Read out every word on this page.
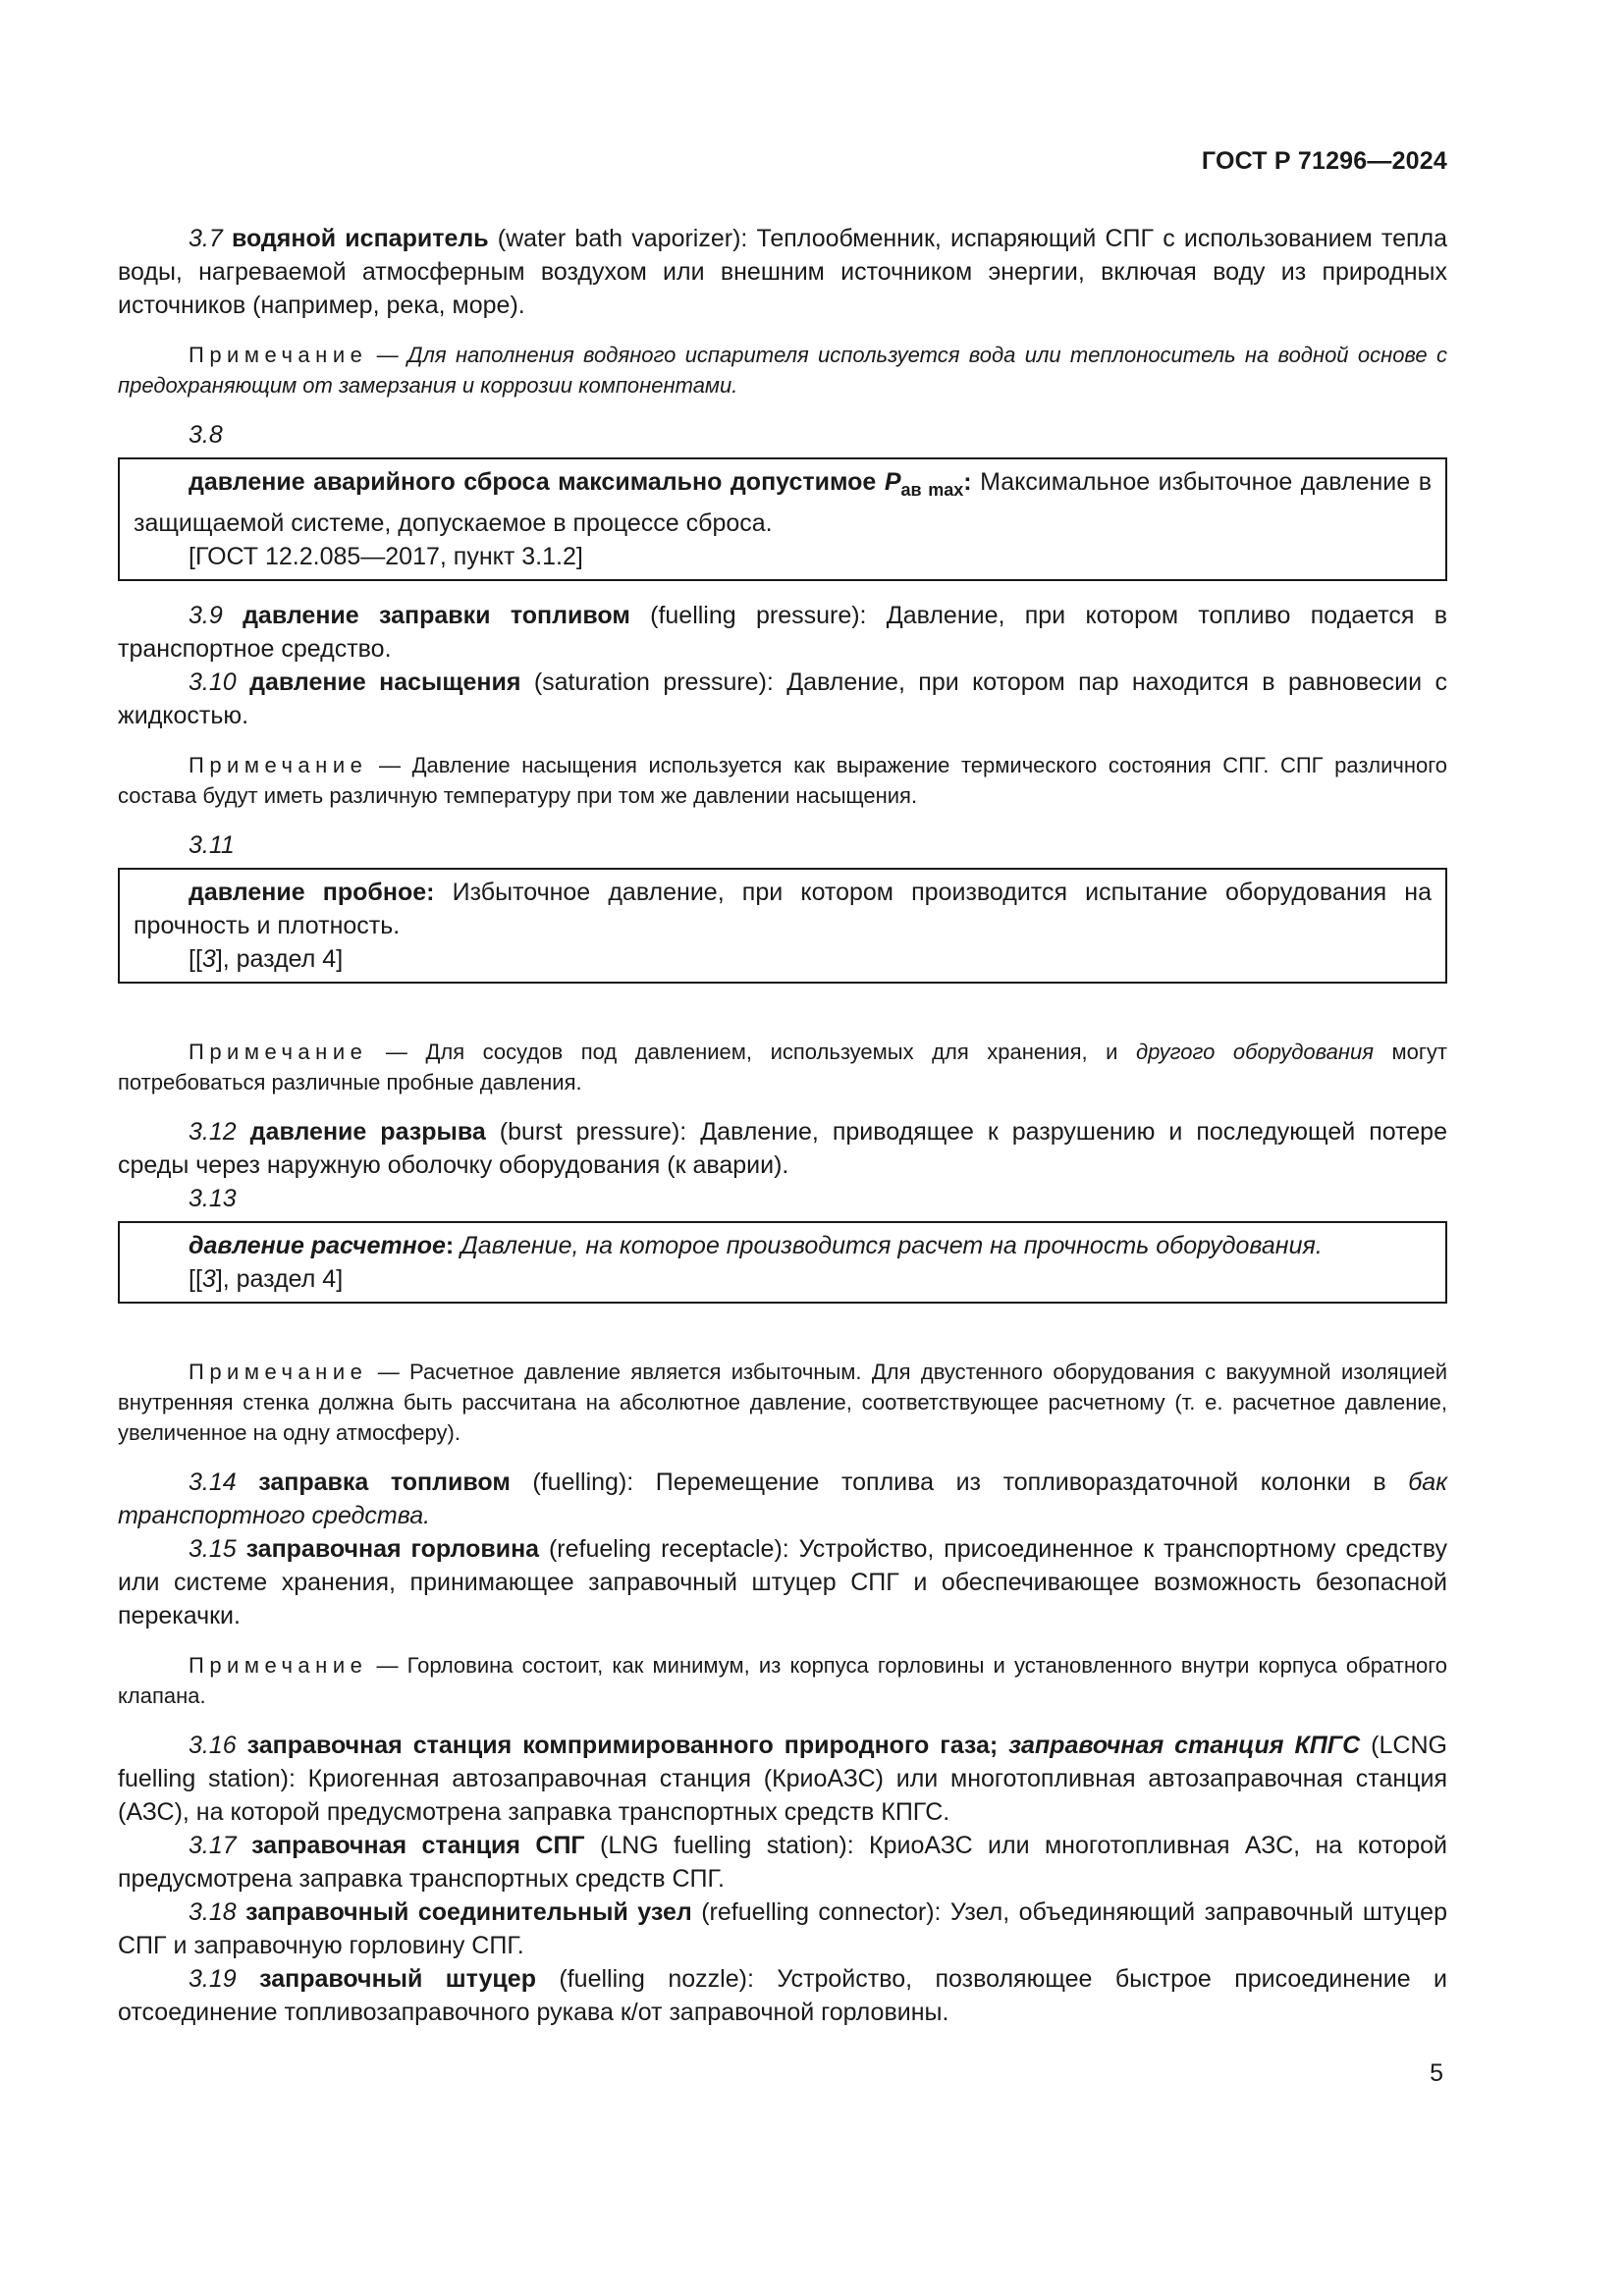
ГОСТ Р 71296—2024

3.7 водяной испаритель (water bath vaporizer): Теплообменник, испаряющий СПГ с использованием тепла воды, нагреваемой атмосферным воздухом или внешним источником энергии, включая воду из природных источников (например, река, море).

Примечание — Для наполнения водяного испарителя используется вода или теплоноситель на водной основе с предохраняющим от замерзания и коррозии компонентами.

3.8

давление аварийного сброса максимально допустимое $P_{ав max}$: Максимальное избыточное давление в защищаемой системе, допускаемое в процессе сброса.

[ГОСТ 12.2.085—2017, пункт 3.1.2]

3.9 давление заправки топливом (fuelling pressure): Давление, при котором топливо подается в транспортное средство.

3.10 давление насыщения (saturation pressure): Давление, при котором пар находится в равновесии с жидкостью.

Примечание — Давление насыщения используется как выражение термического состояния СПГ. СПГ различного состава будут иметь различную температуру при том же давлении насыщения.

3.11

давление пробное: Избыточное давление, при котором производится испытание оборудования на прочность и плотность.

[[3], раздел 4]

Примечание — Для сосудов под давлением, используемых для хранения, и другого оборудования могут потребоваться различные пробные давления.

3.12 давление разрыва (burst pressure): Давление, приводящее к разрушению и последующей потере среды через наружную оболочку оборудования (к аварии).

3.13

давление расчетное: Давление, на которое производится расчет на прочность оборудования.

[[3], раздел 4]

Примечание — Расчетное давление является избыточным. Для двустенного оборудования с вакуумной изоляцией внутренняя стенка должна быть рассчитана на абсолютное давление, соответствующее расчетному (т. е. расчетное давление, увеличенное на одну атмосферу).

3.14 заправка топливом (fuelling): Перемещение топлива из топливораздаточной колонки в бак транспортного средства.

3.15 заправочная горловина (refueling receptacle): Устройство, присоединенное к транспортному средству или системе хранения, принимающее заправочный штуцер СПГ и обеспечивающее возможность безопасной перекачки.

Примечание — Горловина состоит, как минимум, из корпуса горловины и установленного внутри корпуса обратного клапана.

3.16 заправочная станция компримированного природного газа; заправочная станция КПГС (LCNG fuelling station): Криогенная автозаправочная станция (КриоАЗС) или многотопливная автозаправочная станция (АЗС), на которой предусмотрена заправка транспортных средств КПГС.

3.17 заправочная станция СПГ (LNG fuelling station): КриоАЗС или многотопливная АЗС, на которой предусмотрена заправка транспортных средств СПГ.

3.18 заправочный соединительный узел (refuelling connector): Узел, объединяющий заправочный штуцер СПГ и заправочную горловину СПГ.

3.19 заправочный штуцер (fuelling nozzle): Устройство, позволяющее быстрое присоединение и отсоединение топливозаправочного рукава к/от заправочной горловины.

5
